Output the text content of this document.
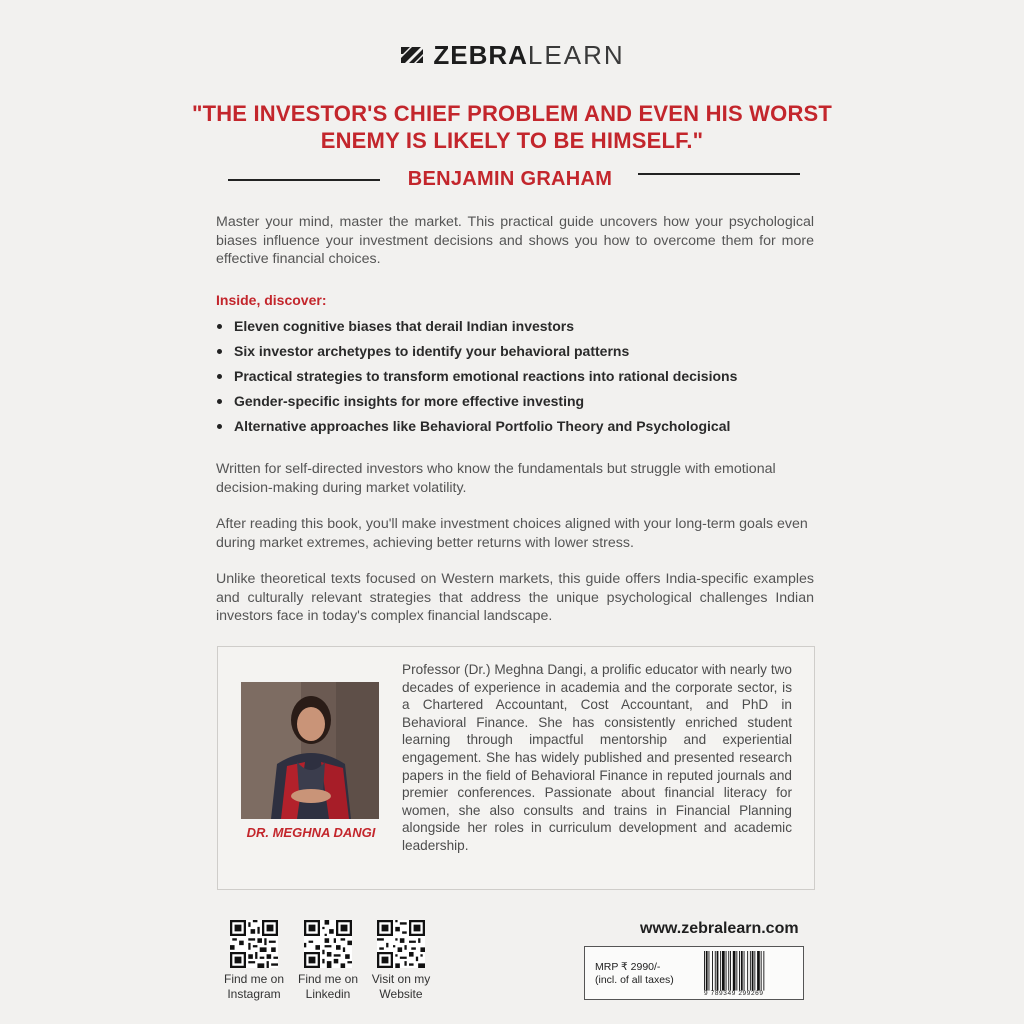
ZEBRALEARN
"THE INVESTOR'S CHIEF PROBLEM AND EVEN HIS WORST ENEMY IS LIKELY TO BE HIMSELF."
BENJAMIN GRAHAM
Master your mind, master the market. This practical guide uncovers how your psychological biases influence your investment decisions and shows you how to overcome them for more effective financial choices.
Inside, discover:
Eleven cognitive biases that derail Indian investors
Six investor archetypes to identify your behavioral patterns
Practical strategies to transform emotional reactions into rational decisions
Gender-specific insights for more effective investing
Alternative approaches like Behavioral Portfolio Theory and Psychological
Written for self-directed investors who know the fundamentals but struggle with emotional decision-making during market volatility.
After reading this book, you'll make investment choices aligned with your long-term goals even during market extremes, achieving better returns with lower stress.
Unlike theoretical texts focused on Western markets, this guide offers India-specific examples and culturally relevant strategies that address the unique psychological challenges Indian investors face in today's complex financial landscape.
DR. MEGHNA DANGI
Professor (Dr.) Meghna Dangi, a prolific educator with nearly two decades of experience in academia and the corporate sector, is a Chartered Accountant, Cost Accountant, and PhD in Behavioral Finance. She has consistently enriched student learning through impactful mentorship and experiential engagement. She has widely published and presented research papers in the field of Behavioral Finance in reputed journals and premier conferences. Passionate about financial literacy for women, she also consults and trains in Financial Planning alongside her roles in curriculum development and academic leadership.
Find me on
Instagram
Find me on
Linkedin
Visit on my
Website
www.zebralearn.com
MRP ₹ 2990/-
(incl. of all taxes)
9 789349 299269
